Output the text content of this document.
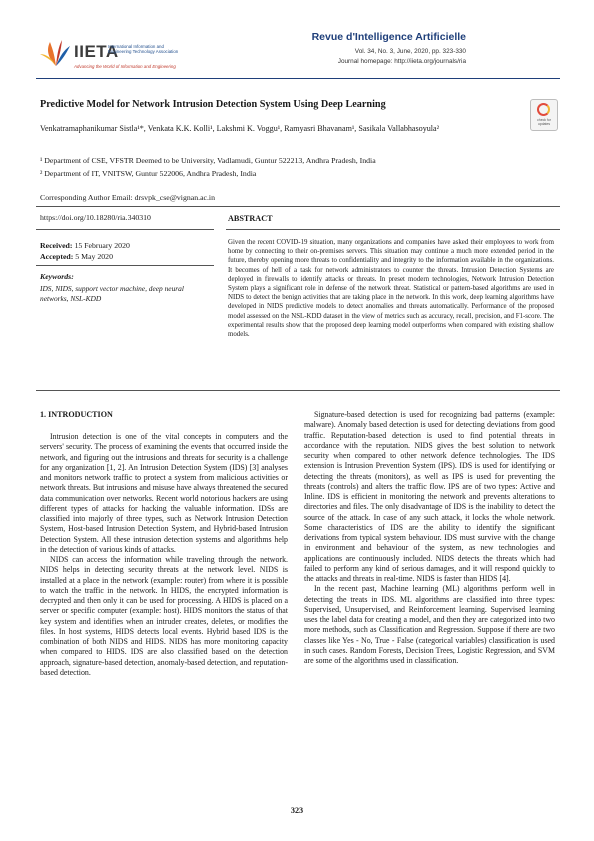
IIETA
International Information and Engineering Technology Association
Advancing the World of Information and Engineering
Revue d'Intelligence Artificielle
Vol. 34, No. 3, June, 2020, pp. 323-330
Journal homepage: http://iieta.org/journals/ria
Predictive Model for Network Intrusion Detection System Using Deep Learning
check for updates
Venkatramaphanikumar Sistla¹*, Venkata K.K. Kolli¹, Lakshmi K. Voggu¹, Ramyasri Bhavanam¹, Sasikala Vallabhasoyula²
¹ Department of CSE, VFSTR Deemed to be University, Vadlamudi, Guntur 522213, Andhra Pradesh, India
² Department of IT, VNITSW, Guntur 522006, Andhra Pradesh, India
Corresponding Author Email: drsvpk_cse@vignan.ac.in
https://doi.org/10.18280/ria.340310
Received: 15 February 2020
Accepted: 5 May 2020
Keywords:
IDS, NIDS, support vector machine, deep neural networks, NSL-KDD
ABSTRACT
Given the recent COVID-19 situation, many organizations and companies have asked their employees to work from home by connecting to their on-premises servers. This situation may continue a much more extended period in the future, thereby opening more threats to confidentiality and integrity to the information available in the organizations. It becomes of hell of a task for network administrators to counter the threats. Intrusion Detection Systems are deployed in firewalls to identify attacks or threats. In preset modern technologies, Network Intrusion Detection System plays a significant role in defense of the network threat. Statistical or pattern-based algorithms are used in NIDS to detect the benign activities that are taking place in the network. In this work, deep learning algorithms have developed in NIDS predictive models to detect anomalies and threats automatically. Performance of the proposed model assessed on the NSL-KDD dataset in the view of metrics such as accuracy, recall, precision, and F1-score. The experimental results show that the proposed deep learning model outperforms when compared with existing shallow models.
1. INTRODUCTION

Intrusion detection is one of the vital concepts in computers and the servers' security. The process of examining the events that occurred inside the network, and figuring out the intrusions and threats for security is a challenge for any organization [1, 2]. An Intrusion Detection System (IDS) [3] analyses and monitors network traffic to protect a system from malicious activities or network threats. But intrusions and misuse have always threatened the secured data communication over networks. Recent world notorious hackers are using different types of attacks for hacking the valuable information. IDSs are classified into majorly of three types, such as Network Intrusion Detection System, Host-based Intrusion Detection System, and Hybrid-based Intrusion Detection System. All these intrusion detection systems and algorithms help in the detection of various kinds of attacks.

NIDS can access the information while traveling through the network. NIDS helps in detecting security threats at the network level. NIDS is installed at a place in the network (example: router) from where it is possible to watch the traffic in the network. In HIDS, the encrypted information is decrypted and then only it can be used for processing. A HIDS is placed on a server or specific computer (example: host). HIDS monitors the status of that key system and identifies when an intruder creates, deletes, or modifies the files. In host systems, HIDS detects local events. Hybrid based IDS is the combination of both NIDS and HIDS. NIDS has more monitoring capacity when compared to HIDS. IDS are also classified based on the detection approach, signature-based detection, anomaly-based detection, and reputation-based detection.

Signature-based detection is used for recognizing bad patterns (example: malware). Anomaly based detection is used for detecting deviations from good traffic. Reputation-based detection is used to find potential threats in accordance with the reputation. NIDS gives the best solution to network security when compared to other network defence technologies. The IDS extension is Intrusion Prevention System (IPS). IDS is used for identifying or detecting the threats (monitors), as well as IPS is used for preventing the threats (controls) and alters the traffic flow. IPS are of two types: Active and Inline. IDS is efficient in monitoring the network and prevents alterations to directories and files. The only disadvantage of IDS is the inability to detect the source of the attack. In case of any such attack, it locks the whole network. Some characteristics of IDS are the ability to identify the significant derivations from typical system behaviour. IDS must survive with the change in environment and behaviour of the system, as new technologies and applications are continuously included. NIDS detects the threats which had failed to perform any kind of serious damages, and it will respond quickly to the attacks and threats in real-time. NIDS is faster than HIDS [4].

In the recent past, Machine learning (ML) algorithms perform well in detecting the treats in IDS. ML algorithms are classified into three types: Supervised, Unsupervised, and Reinforcement learning. Supervised learning uses the label data for creating a model, and then they are categorized into two more methods, such as Classification and Regression. Suppose if there are two classes like Yes - No, True - False (categorical variables) classification is used in such cases. Random Forests, Decision Trees, Logistic Regression, and SVM are some of the algorithms used in classification.

323
